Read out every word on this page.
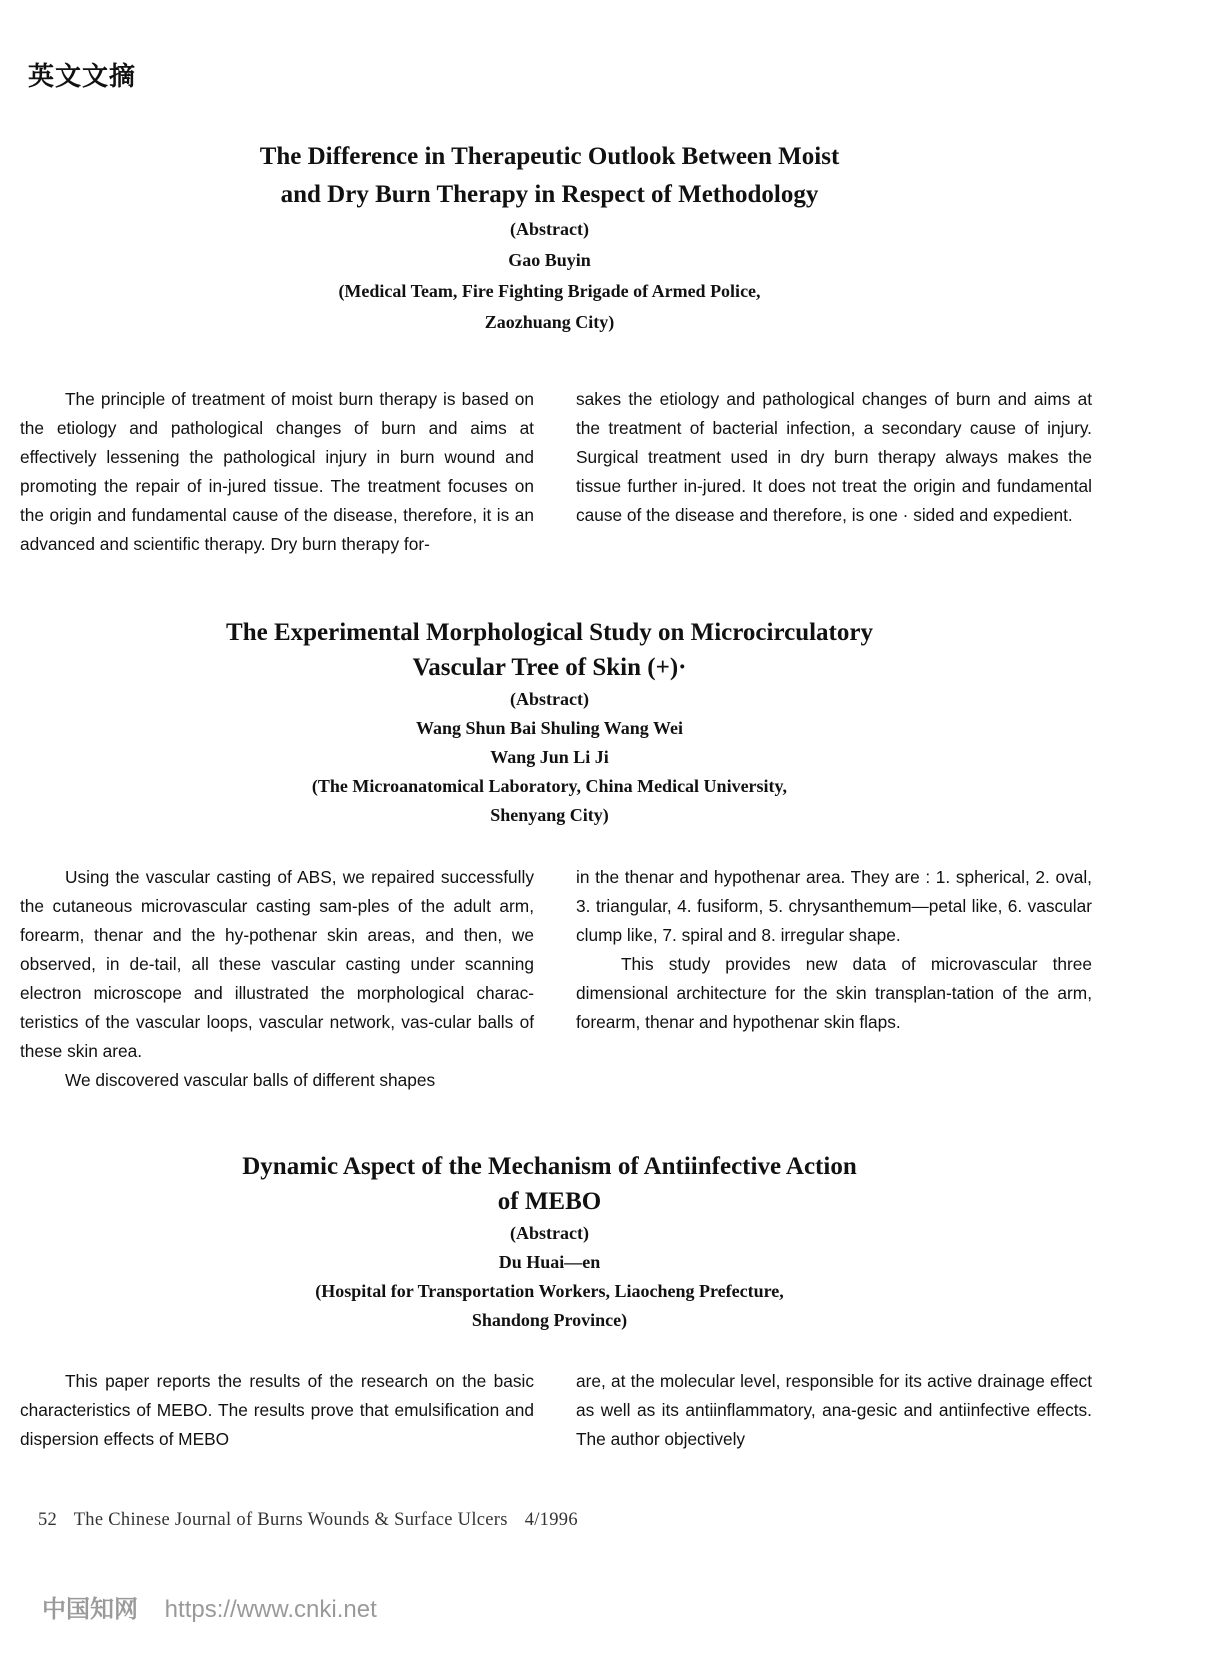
英文文摘
The Difference in Therapeutic Outlook Between Moist
and Dry Burn Therapy in Respect of Methodology
(Abstract)
Gao Buyin
(Medical Team, Fire Fighting Brigade of Armed Police,
Zaozhuang City)

The principle of treatment of moist burn therapy is based on the etiology and pathological changes of burn and aims at effectively lessening the pathological injury in burn wound and promoting the repair of in-jured tissue. The treatment focuses on the origin and fundamental cause of the disease, therefore, it is an advanced and scientific therapy. Dry burn therapy for-

sakes the etiology and pathological changes of burn and aims at the treatment of bacterial infection, a secondary cause of injury. Surgical treatment used in dry burn therapy always makes the tissue further in-jured. It does not treat the origin and fundamental cause of the disease and therefore, is one · sided and expedient.

The Experimental Morphological Study on Microcirculatory
Vascular Tree of Skin (+)·
(Abstract)
Wang Shun Bai Shuling Wang Wei
Wang Jun Li Ji
(The Microanatomical Laboratory, China Medical University,
Shenyang City)

Using the vascular casting of ABS, we repaired successfully the cutaneous microvascular casting sam-ples of the adult arm, forearm, thenar and the hy-pothenar skin areas, and then, we observed, in de-tail, all these vascular casting under scanning electron microscope and illustrated the morphological charac-teristics of the vascular loops, vascular network, vas-cular balls of these skin area.

We discovered vascular balls of different shapes

in the thenar and hypothenar area. They are : 1. spherical, 2. oval, 3. triangular, 4. fusiform, 5. chrysanthemum—petal like, 6. vascular clump like, 7. spiral and 8. irregular shape.

This study provides new data of microvascular three dimensional architecture for the skin transplan-tation of the arm, forearm, thenar and hypothenar skin flaps.

Dynamic Aspect of the Mechanism of Antiinfective Action
of MEBO
(Abstract)
Du Huai—en
(Hospital for Transportation Workers, Liaocheng Prefecture,
Shandong Province)

This paper reports the results of the research on the basic characteristics of MEBO. The results prove that emulsification and dispersion effects of MEBO

are, at the molecular level, responsible for its active drainage effect as well as its antiinflammatory, ana-gesic and antiinfective effects. The author objectively

52 The Chinese Journal of Burns Wounds & Surface Ulcers 4/1996
中国知网 https://www.cnki.net
